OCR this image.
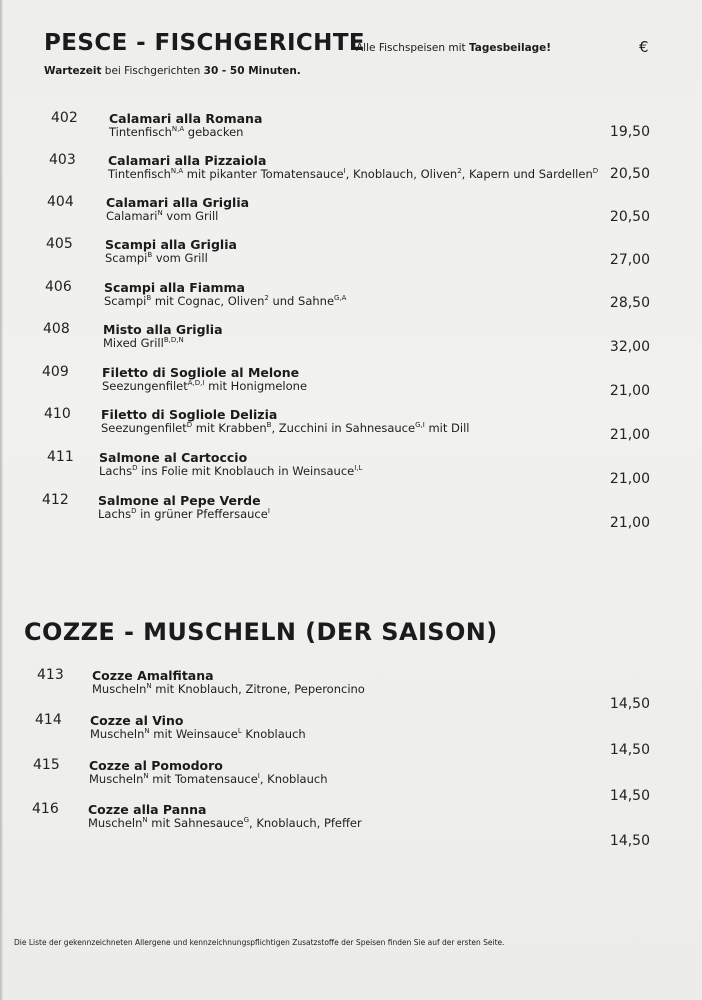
PESCE - FISCHGERICHTE
Alle Fischspeisen mit Tagesbeilage!	€
Wartezeit bei Fischgerichten 30 - 50 Minuten.
402	Calamari alla Romana
Tintenfisch$^{N,A}$ gebacken	19,50
403	Calamari alla Pizzaiola
Tintenfisch$^{N,A}$ mit pikanter Tomatensauce$^I$, Knoblauch, Oliven$^2$, Kapern und Sardellen$^D$ 20,50
404	Calamari alla Griglia
Calamari$^N$ vom Grill	20,50
405	Scampi alla Griglia
Scampi$^B$ vom Grill	27,00
406	Scampi alla Fiamma
Scampi$^B$ mit Cognac, Oliven$^2$ und Sahne$^{G,A}$	28,50
408	Misto alla Griglia
Mixed Grill$^{B,D,N}$	32,00
409	Filetto di Sogliole al Melone
Seezungenfilet$^{A,D,I}$ mit Honigmelone	21,00
410 Filetto di Sogliole Delizia
Seezungenfilet$^D$ mit Krabben$^B$, Zucchini in Sahnesauce$^{G,I}$ mit Dill	21,00
411 Salmone al Cartoccio
Lachs$^D$ ins Folie mit Knoblauch in Weinsauce$^{I,L}$
21,00
412 Salmone al Pepe Verde
Lachs$^D$ in grüner Pfeffersauce$^I$
21,00
COZZE - MUSCHELN (DER SAISON)
413 Cozze Amalfitana
Muscheln$^N$ mit Knoblauch, Zitrone, Peperoncino
14,50
414 Cozze al Vino
Muscheln$^N$ mit Weinsauce$^L$ Knoblauch
14,50
415 Cozze al Pomodoro
Muscheln$^N$ mit Tomatensauce$^I$, Knoblauch
14,50
416 Cozze alla Panna
Muscheln$^N$ mit Sahnesauce$^G$, Knoblauch, Pfeffer
14,50
Die Liste der gekennzeichneten Allergene und kennzeichnungspflichtigen Zusatzstoffe der Speisen finden Sie auf der ersten Seite.
